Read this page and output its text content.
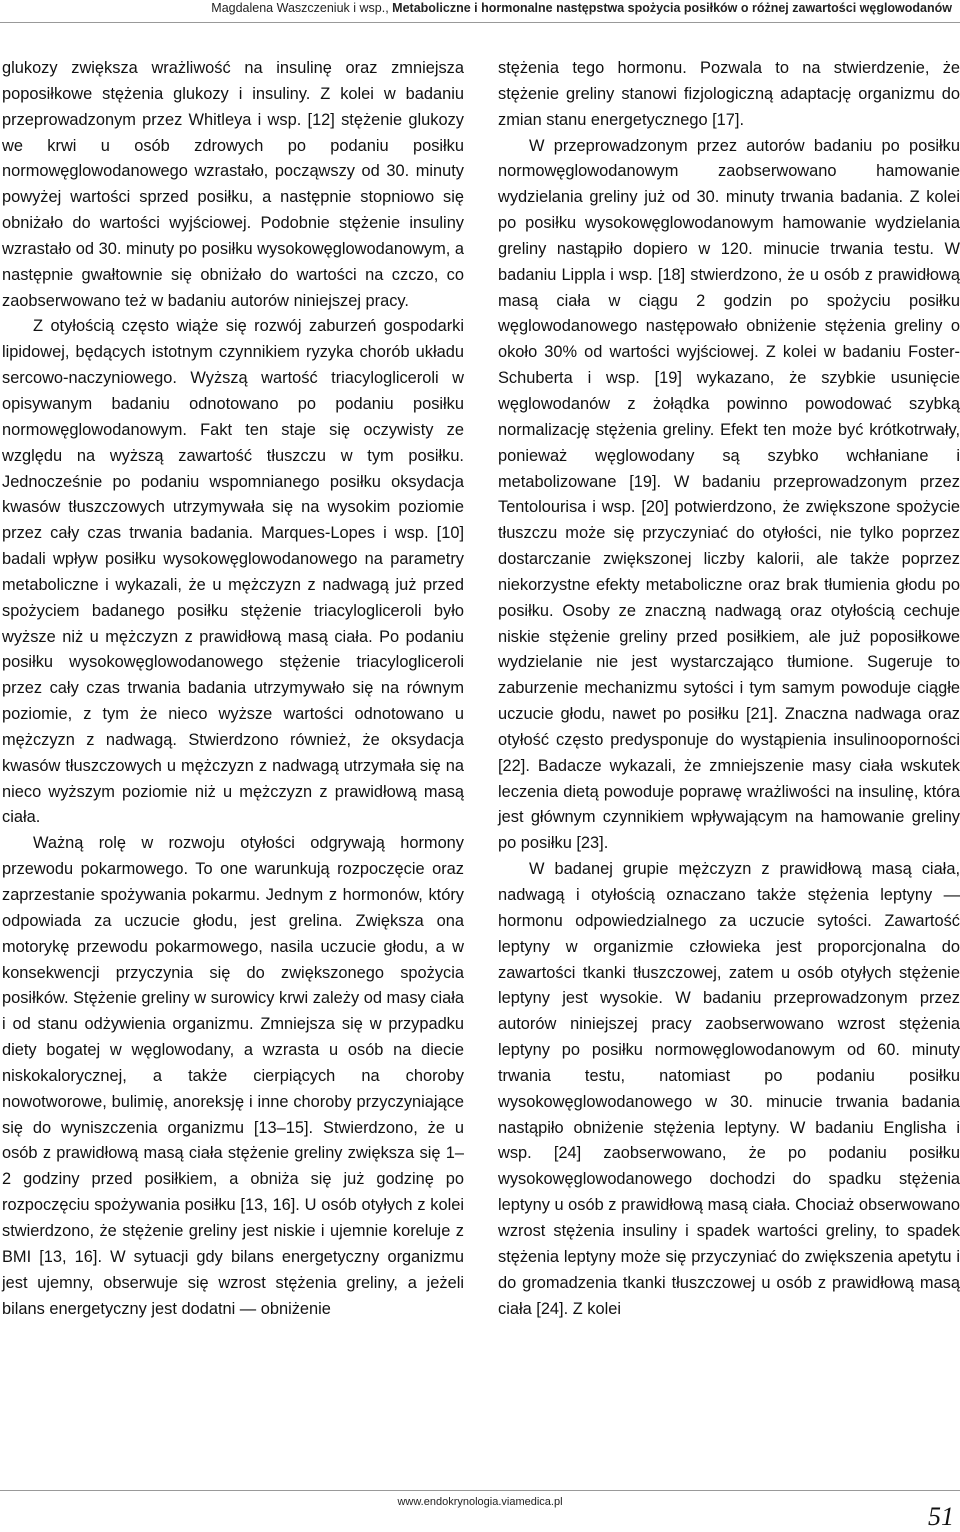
Magdalena Waszczeniuk i wsp., Metaboliczne i hormonalne następstwa spożycia posiłków o różnej zawartości węglowodanów

glukozy zwiększa wrażliwość na insulinę oraz zmniejsza poposiłkowe stężenia glukozy i insuliny. Z kolei w badaniu przeprowadzonym przez Whitleya i wsp. [12] stężenie glukozy we krwi u osób zdrowych po podaniu posiłku normowęglowodanowego wzrastało, począwszy od 30. minuty powyżej wartości sprzed posiłku, a następnie stopniowo się obniżało do wartości wyjściowej. Podobnie stężenie insuliny wzrastało od 30. minuty po posiłku wysokowęglowodanowym, a następnie gwałtownie się obniżało do wartości na czczo, co zaobserwowano też w badaniu autorów niniejszej pracy.

Z otyłością często wiąże się rozwój zaburzeń gospodarki lipidowej, będących istotnym czynnikiem ryzyka chorób układu sercowo-naczyniowego. Wyższą wartość triacylogliceroli w opisywanym badaniu odnotowano po podaniu posiłku normowęglowodanowym. Fakt ten staje się oczywisty ze względu na wyższą zawartość tłuszczu w tym posiłku. Jednocześnie po podaniu wspomnianego posiłku oksydacja kwasów tłuszczowych utrzymywała się na wysokim poziomie przez cały czas trwania badania. Marques-Lopes i wsp. [10] badali wpływ posiłku wysokowęglowodanowego na parametry metaboliczne i wykazali, że u mężczyzn z nadwagą już przed spożyciem badanego posiłku stężenie triacylogliceroli było wyższe niż u mężczyzn z prawidłową masą ciała. Po podaniu posiłku wysokowęglowodanowego stężenie triacylogliceroli przez cały czas trwania badania utrzymywało się na równym poziomie, z tym że nieco wyższe wartości odnotowano u mężczyzn z nadwagą. Stwierdzono również, że oksydacja kwasów tłuszczowych u mężczyzn z nadwagą utrzymała się na nieco wyższym poziomie niż u mężczyzn z prawidłową masą ciała.

Ważną rolę w rozwoju otyłości odgrywają hormony przewodu pokarmowego. To one warunkują rozpoczęcie oraz zaprzestanie spożywania pokarmu. Jednym z hormonów, który odpowiada za uczucie głodu, jest grelina. Zwiększa ona motorykę przewodu pokarmowego, nasila uczucie głodu, a w konsekwencji przyczynia się do zwiększonego spożycia posiłków. Stężenie greliny w surowicy krwi zależy od masy ciała i od stanu odżywienia organizmu. Zmniejsza się w przypadku diety bogatej w węglowodany, a wzrasta u osób na diecie niskokalorycznej, a także cierpiących na choroby nowotworowe, bulimię, anoreksję i inne choroby przyczyniające się do wyniszczenia organizmu [13–15]. Stwierdzono, że u osób z prawidłową masą ciała stężenie greliny zwiększa się 1–2 godziny przed posiłkiem, a obniża się już godzinę po rozpoczęciu spożywania posiłku [13, 16]. U osób otyłych z kolei stwierdzono, że stężenie greliny jest niskie i ujemnie koreluje z BMI [13, 16]. W sytuacji gdy bilans energetyczny organizmu jest ujemny, obserwuje się wzrost stężenia greliny, a jeżeli bilans energetyczny jest dodatni — obniżenie

stężenia tego hormonu. Pozwala to na stwierdzenie, że stężenie greliny stanowi fizjologiczną adaptację organizmu do zmian stanu energetycznego [17].

W przeprowadzonym przez autorów badaniu po posiłku normowęglowodanowym zaobserwowano hamowanie wydzielania greliny już od 30. minuty trwania badania. Z kolei po posiłku wysokowęglowodanowym hamowanie wydzielania greliny nastąpiło dopiero w 120. minucie trwania testu. W badaniu Lippla i wsp. [18] stwierdzono, że u osób z prawidłową masą ciała w ciągu 2 godzin po spożyciu posiłku węglowodanowego następowało obniżenie stężenia greliny o około 30% od wartości wyjściowej. Z kolei w badaniu Foster-Schuberta i wsp. [19] wykazano, że szybkie usunięcie węglowodanów z żołądka powinno powodować szybką normalizację stężenia greliny. Efekt ten może być krótkotrwały, ponieważ węglowodany są szybko wchłaniane i metabolizowane [19]. W badaniu przeprowadzonym przez Tentolourisa i wsp. [20] potwierdzono, że zwiększone spożycie tłuszczu może się przyczyniać do otyłości, nie tylko poprzez dostarczanie zwiększonej liczby kalorii, ale także poprzez niekorzystne efekty metaboliczne oraz brak tłumienia głodu po posiłku. Osoby ze znaczną nadwagą oraz otyłością cechuje niskie stężenie greliny przed posiłkiem, ale już poposiłkowe wydzielanie nie jest wystarczająco tłumione. Sugeruje to zaburzenie mechanizmu sytości i tym samym powoduje ciągłe uczucie głodu, nawet po posiłku [21]. Znaczna nadwaga oraz otyłość często predysponuje do wystąpienia insulinooporności [22]. Badacze wykazali, że zmniejszenie masy ciała wskutek leczenia dietą powoduje poprawę wrażliwości na insulinę, która jest głównym czynnikiem wpływającym na hamowanie greliny po posiłku [23].

W badanej grupie mężczyzn z prawidłową masą ciała, nadwagą i otyłością oznaczano także stężenia leptyny — hormonu odpowiedzialnego za uczucie sytości. Zawartość leptyny w organizmie człowieka jest proporcjonalna do zawartości tkanki tłuszczowej, zatem u osób otyłych stężenie leptyny jest wysokie. W badaniu przeprowadzonym przez autorów niniejszej pracy zaobserwowano wzrost stężenia leptyny po posiłku normowęglowodanowym od 60. minuty trwania testu, natomiast po podaniu posiłku wysokowęglowodanowego w 30. minucie trwania badania nastąpiło obniżenie stężenia leptyny. W badaniu Englisha i wsp. [24] zaobserwowano, że po podaniu posiłku wysokowęglowodanowego dochodzi do spadku stężenia leptyny u osób z prawidłową masą ciała. Chociaż obserwowano wzrost stężenia insuliny i spadek wartości greliny, to spadek stężenia leptyny może się przyczyniać do zwiększenia apetytu i do gromadzenia tkanki tłuszczowej u osób z prawidłową masą ciała [24]. Z kolei

www.endokrynologia.viamedica.pl	51
